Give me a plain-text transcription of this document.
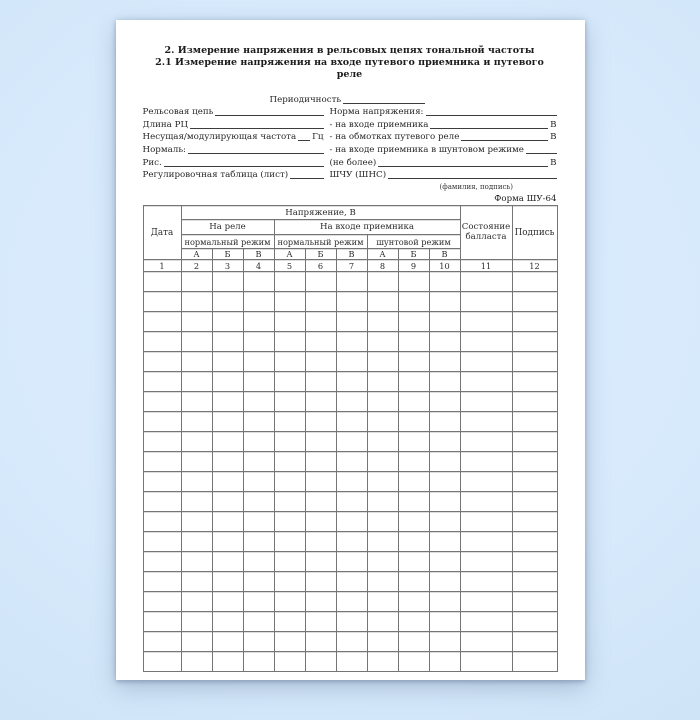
2. Измерение напряжения в рельсовых цепях тональной частоты
2.1 Измерение напряжения на входе путевого приемника и путевого реле
Периодичность
Рельсовая цепь	Норма напряжения:
Длина РЦ	- на входе приемника	В
Несущая/модулирующая частота Гц - на обмотках путевого реле	В
Нормаль:	- на входе приемника в шунтовом режиме
Рис.	(не более)	В
Регулировочная таблица (лист)	ШЧУ (ШНС)
(фамилия, подпись)
Форма ШУ-64
Дата	Напряжение, В									Состояние балласта	Подпись
	На реле			На входе приемника							
	нормальный режим			нормальный режим			шунтовой режим				
	А	Б	В	А	Б	В	А	Б	В		
1	2	3	4	5	6	7	8	9	10	11	12
